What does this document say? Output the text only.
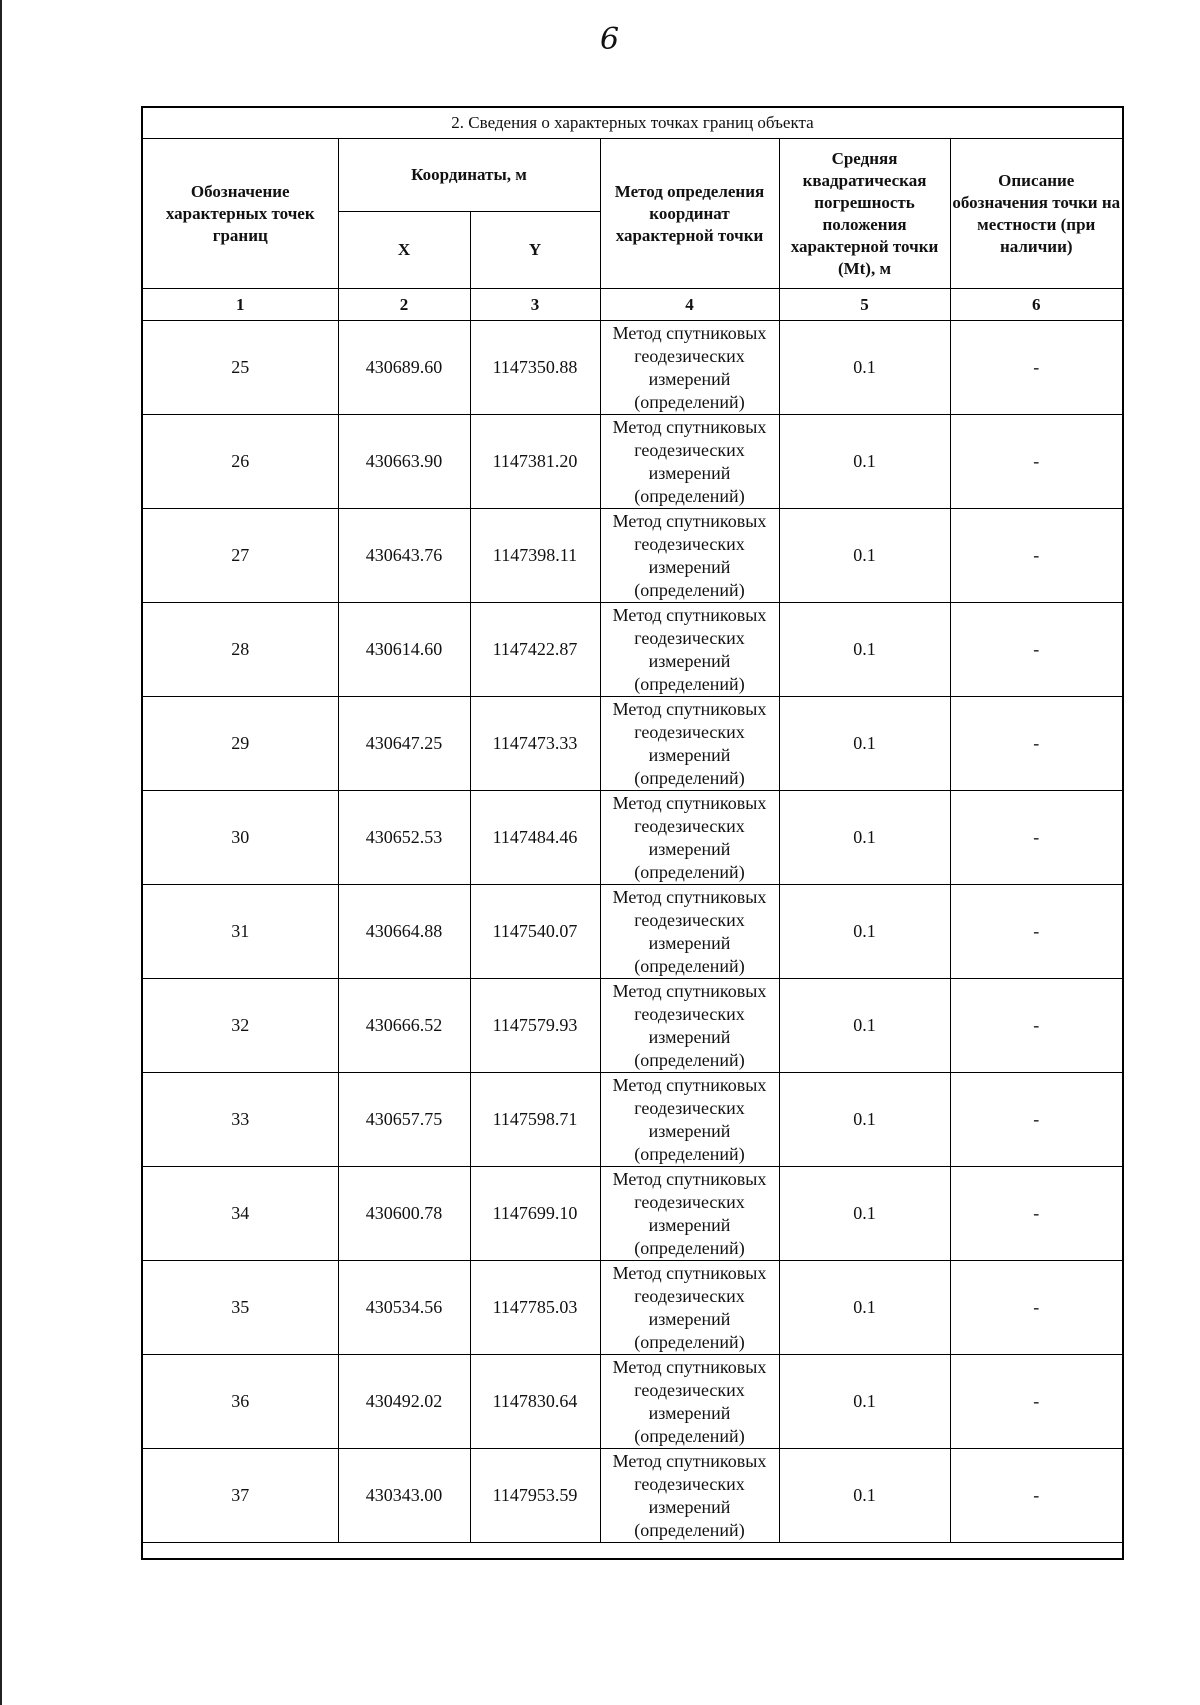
6
2. Сведения о характерных точках границ объекта					
Обозначение характерных точек границ	Координаты, м		Метод определения координат характерной точки	Средняя квадратическая погрешность положения характерной точки (Mt), м	Описание обозначения точки на местности (при наличии)
	X	Y			
1	2	3	4	5	6
25	430689.60	1147350.88	Метод спутниковых геодезических измерений (определений)	0.1	-
26	430663.90	1147381.20	Метод спутниковых геодезических измерений (определений)	0.1	-
27	430643.76	1147398.11	Метод спутниковых геодезических измерений (определений)	0.1	-
28	430614.60	1147422.87	Метод спутниковых геодезических измерений (определений)	0.1	-
29	430647.25	1147473.33	Метод спутниковых геодезических измерений (определений)	0.1	-
30	430652.53	1147484.46	Метод спутниковых геодезических измерений (определений)	0.1	-
31	430664.88	1147540.07	Метод спутниковых геодезических измерений (определений)	0.1	-
32	430666.52	1147579.93	Метод спутниковых геодезических измерений (определений)	0.1	-
33	430657.75	1147598.71	Метод спутниковых геодезических измерений (определений)	0.1	-
34	430600.78	1147699.10	Метод спутниковых геодезических измерений (определений)	0.1	-
35	430534.56	1147785.03	Метод спутниковых геодезических измерений (определений)	0.1	-
36	430492.02	1147830.64	Метод спутниковых геодезических измерений (определений)	0.1	-
37	430343.00	1147953.59	Метод спутниковых геодезических измерений (определений)	0.1	-
